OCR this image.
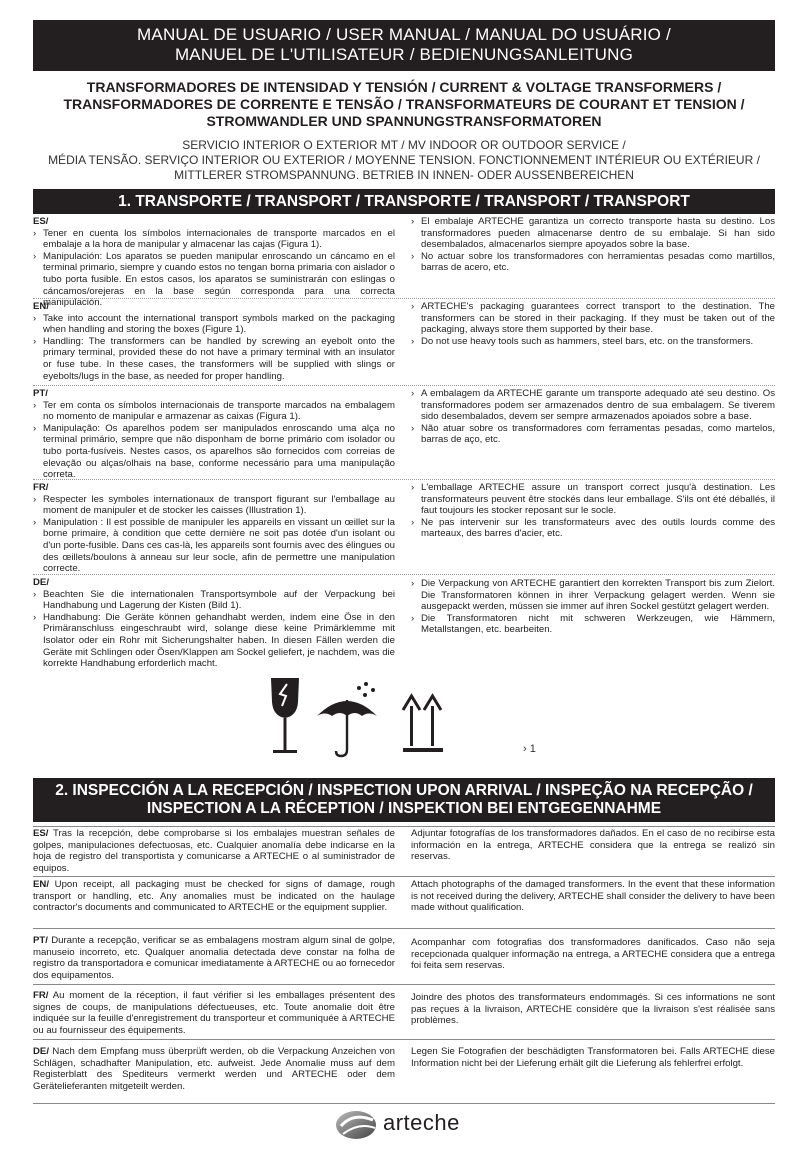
MANUAL DE USUARIO / USER MANUAL / MANUAL DO USUÁRIO /
MANUEL DE L'UTILISATEUR / BEDIENUNGSANLEITUNG
TRANSFORMADORES DE INTENSIDAD Y TENSIÓN / CURRENT & VOLTAGE TRANSFORMERS /
TRANSFORMADORES DE CORRENTE E TENSÃO / TRANSFORMATEURS DE COURANT ET TENSION /
STROMWANDLER UND SPANNUNGSTRANSFORMATOREN
SERVICIO INTERIOR O EXTERIOR MT / MV INDOOR OR OUTDOOR SERVICE /
MÉDIA TENSÃO. SERVIÇO INTERIOR OU EXTERIOR / MOYENNE TENSION. FONCTIONNEMENT INTÉRIEUR OU EXTÉRIEUR /
MITTLERER STROMSPANNUNG. BETRIEB IN INNEN- ODER AUSSENBEREICHEN
1. TRANSPORTE / TRANSPORT / TRANSPORTE / TRANSPORT / TRANSPORT
ES/
› Tener en cuenta los símbolos internacionales de transporte marcados en el embalaje a la hora de manipular y almacenar las cajas (Figura 1).
› Manipulación: Los aparatos se pueden manipular enroscando un cáncamo en el terminal primario, siempre y cuando estos no tengan borna primaria con aislador o tubo porta fusible. En estos casos, los aparatos se suministrarán con eslingas o cáncamos/orejeras en la base según corresponda para una correcta manipulación.
› El embalaje ARTECHE garantiza un correcto transporte hasta su destino. Los transformadores pueden almacenarse dentro de su embalaje. Si han sido desembalados, almacenarlos siempre apoyados sobre la base.
› No actuar sobre los transformadores con herramientas pesadas como martillos, barras de acero, etc.
EN/
› Take into account the international transport symbols marked on the packaging when handling and storing the boxes (Figure 1).
› Handling: The transformers can be handled by screwing an eyebolt onto the primary terminal, provided these do not have a primary terminal with an insulator or fuse tube. In these cases, the transformers will be supplied with slings or eyebolts/lugs in the base, as needed for proper handling.
› ARTECHE's packaging guarantees correct transport to the destination. The transformers can be stored in their packaging. If they must be taken out of the packaging, always store them supported by their base.
› Do not use heavy tools such as hammers, steel bars, etc. on the transformers.
PT/
› Ter em conta os símbolos internacionais de transporte marcados na embalagem no momento de manipular e armazenar as caixas (Figura 1).
› Manipulação: Os aparelhos podem ser manipulados enroscando uma alça no terminal primário, sempre que não disponham de borne primário com isolador ou tubo porta-fusíveis. Nestes casos, os aparelhos são fornecidos com correias de elevação ou alças/olhais na base, conforme necessário para uma manipulação correta.
› A embalagem da ARTECHE garante um transporte adequado até seu destino. Os transformadores podem ser armazenados dentro de sua embalagem. Se tiverem sido desembalados, devem ser sempre armazenados apoiados sobre a base.
› Não atuar sobre os transformadores com ferramentas pesadas, como martelos, barras de aço, etc.
FR/
› Respecter les symboles internationaux de transport figurant sur l'emballage au moment de manipuler et de stocker les caisses (Illustration 1).
› Manipulation : Il est possible de manipuler les appareils en vissant un œillet sur la borne primaire, à condition que cette dernière ne soit pas dotée d'un isolant ou d'un porte-fusible. Dans ces cas-là, les appareils sont fournis avec des élingues ou des œillets/boulons à anneau sur leur socle, afin de permettre une manipulation correcte.
› L'emballage ARTECHE assure un transport correct jusqu'à destination. Les transformateurs peuvent être stockés dans leur emballage. S'ils ont été déballés, il faut toujours les stocker reposant sur le socle.
› Ne pas intervenir sur les transformateurs avec des outils lourds comme des marteaux, des barres d'acier, etc.
DE/
› Beachten Sie die internationalen Transportsymbole auf der Verpackung bei Handhabung und Lagerung der Kisten (Bild 1).
› Handhabung: Die Geräte können gehandhabt werden, indem eine Öse in den Primäranschluss eingeschraubt wird, solange diese keine Primärklemme mit Isolator oder ein Rohr mit Sicherungshalter haben. In diesen Fällen werden die Geräte mit Schlingen oder Ösen/Klappen am Sockel geliefert, je nachdem, was die korrekte Handhabung erforderlich macht.
› Die Verpackung von ARTECHE garantiert den korrekten Transport bis zum Zielort. Die Transformatoren können in ihrer Verpackung gelagert werden. Wenn sie ausgepackt werden, müssen sie immer auf ihren Sockel gestützt gelagert werden.
› Die Transformatoren nicht mit schweren Werkzeugen, wie Hämmern, Metallstangen, etc. bearbeiten.
› 1
2. INSPECCIÓN A LA RECEPCIÓN / INSPECTION UPON ARRIVAL / INSPEÇÃO NA RECEPÇÃO /
INSPECTION A LA RÉCEPTION / INSPEKTION BEI ENTGEGENNAHME
ES/ Tras la recepción, debe comprobarse si los embalajes muestran señales de golpes, manipulaciones defectuosas, etc. Cualquier anomalía debe indicarse en la hoja de registro del transportista y comunicarse a ARTECHE o al suministrador de equipos.
Adjuntar fotografías de los transformadores dañados. En el caso de no recibirse esta información en la entrega, ARTECHE considera que la entrega se realizó sin reservas.
EN/ Upon receipt, all packaging must be checked for signs of damage, rough transport or handling, etc. Any anomalies must be indicated on the haulage contractor's documents and communicated to ARTECHE or the equipment supplier.
Attach photographs of the damaged transformers. In the event that these information is not received during the delivery, ARTECHE shall consider the delivery to have been made without qualification.
PT/ Durante a recepção, verificar se as embalagens mostram algum sinal de golpe, manuseio incorreto, etc. Qualquer anomalia detectada deve constar na folha de registro da transportadora e comunicar imediatamente à ARTECHE ou ao fornecedor dos equipamentos.
Acompanhar com fotografias dos transformadores danificados. Caso não seja recepcionada qualquer informação na entrega, a ARTECHE considera que a entrega foi feita sem reservas.
FR/ Au moment de la réception, il faut vérifier si les emballages présentent des signes de coups, de manipulations défectueuses, etc. Toute anomalie doit être indiquée sur la feuille d'enregistrement du transporteur et communiquée à ARTECHE ou au fournisseur des équipements.
Joindre des photos des transformateurs endommagés. Si ces informations ne sont pas reçues à la livraison, ARTECHE considère que la livraison s'est réalisée sans problèmes.
DE/ Nach dem Empfang muss überprüft werden, ob die Verpackung Anzeichen von Schlägen, schadhafter Manipulation, etc. aufweist. Jede Anomalie muss auf dem Registerblatt des Spediteurs vermerkt werden und ARTECHE oder dem Gerätelieferanten mitgeteilt werden.
Legen Sie Fotografien der beschädigten Transformatoren bei. Falls ARTECHE diese Information nicht bei der Lieferung erhält gilt die Lieferung als fehlerfrei erfolgt.
arteche
